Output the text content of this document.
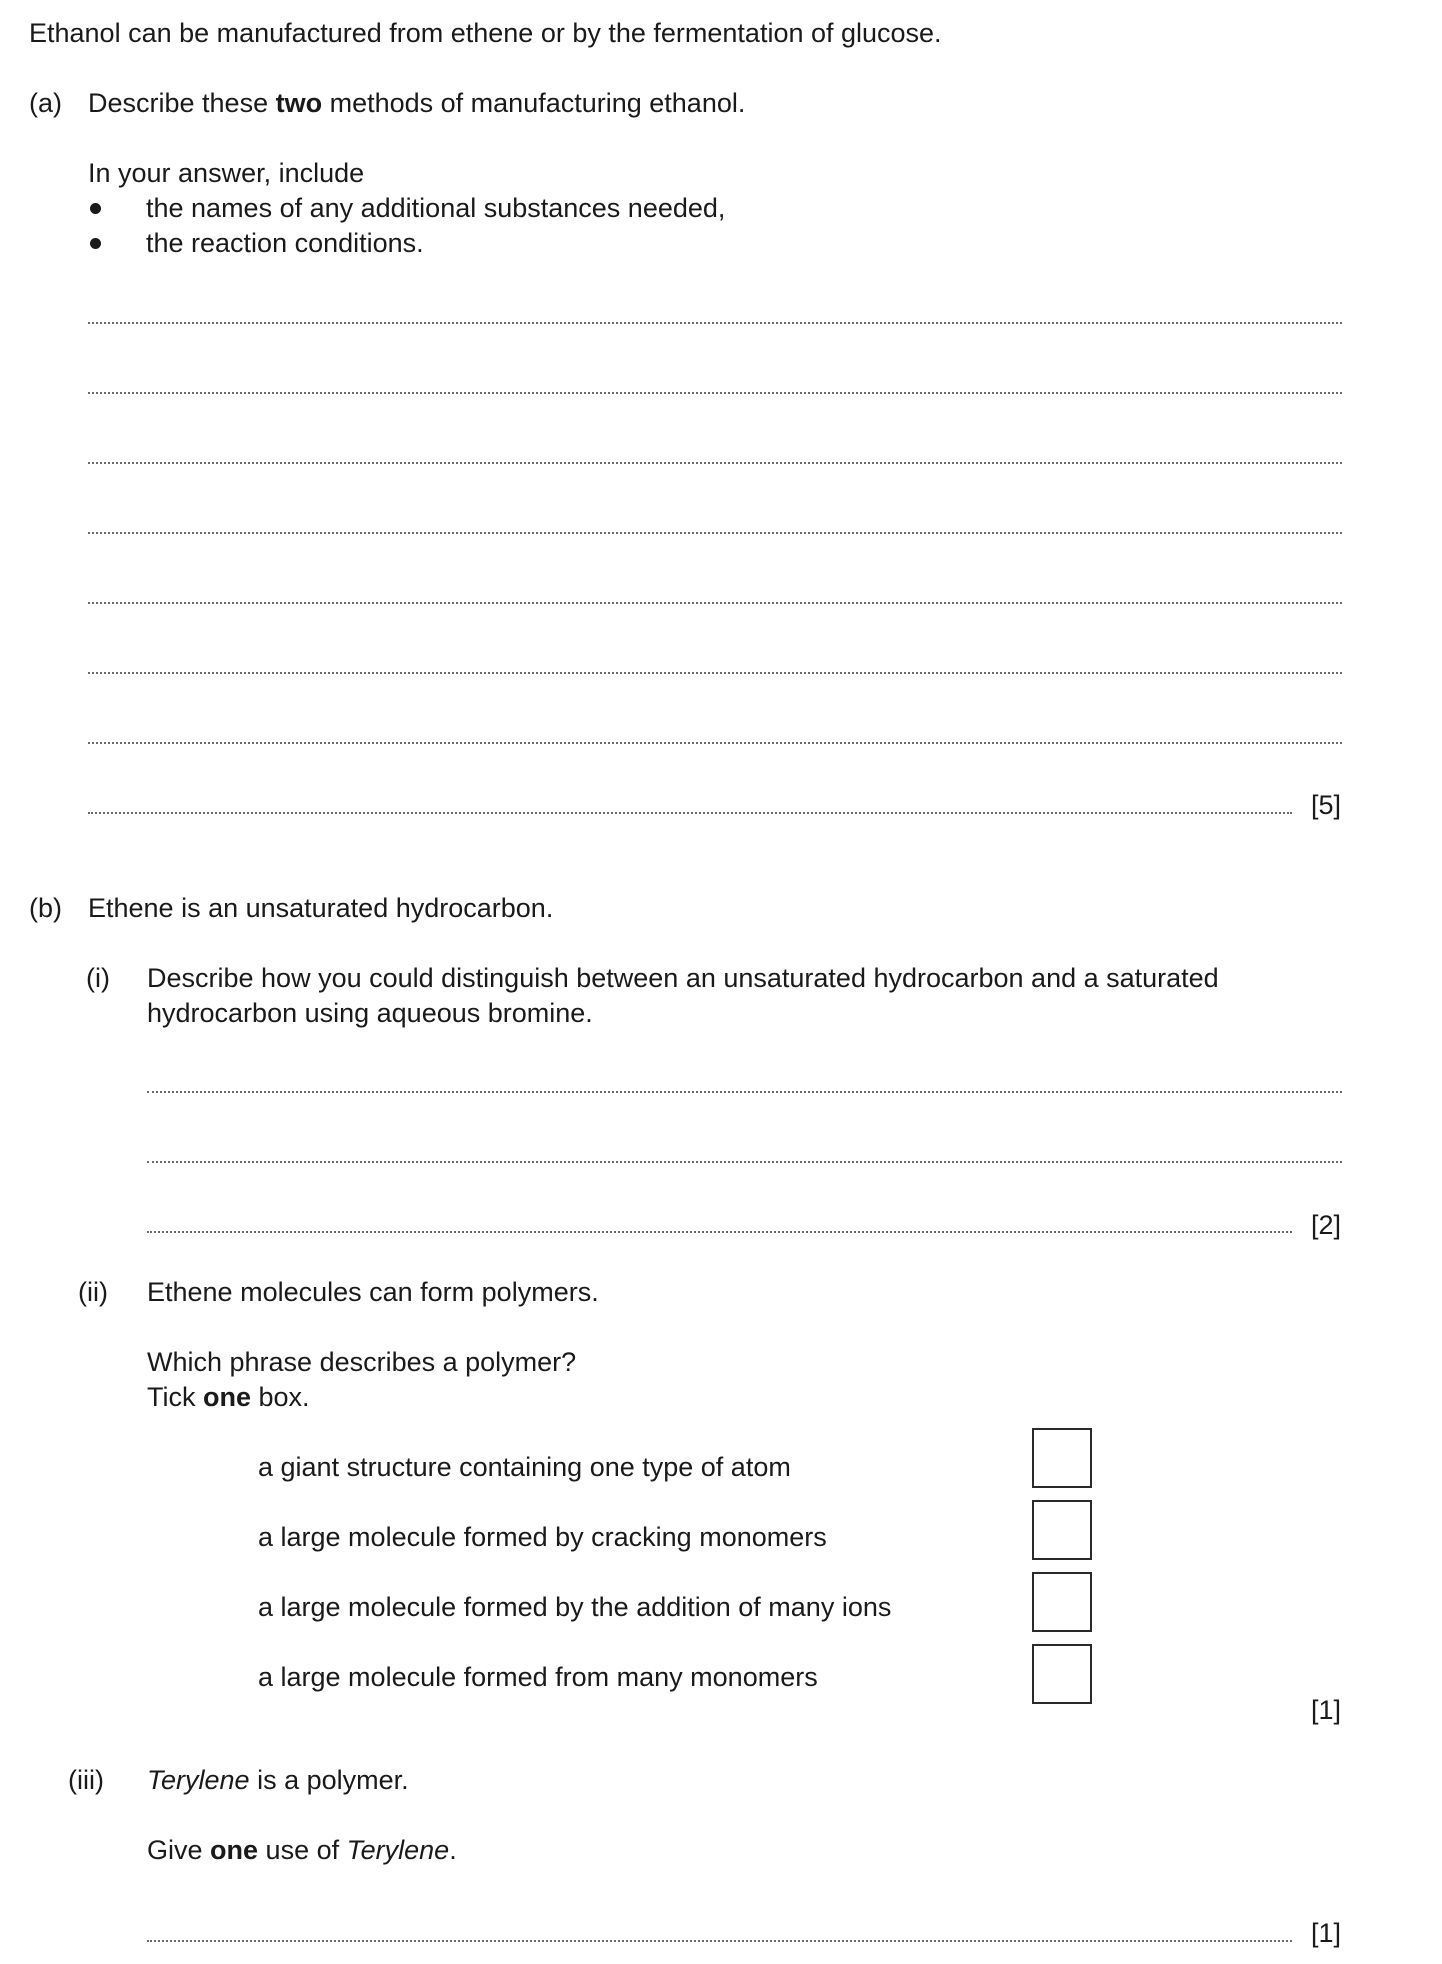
Ethanol can be manufactured from ethene or by the fermentation of glucose.
(a) Describe these two methods of manufacturing ethanol.
In your answer, include
the names of any additional substances needed,
the reaction conditions.
[5]
(b) Ethene is an unsaturated hydrocarbon.
(i) Describe how you could distinguish between an unsaturated hydrocarbon and a saturated
hydrocarbon using aqueous bromine.
[2]
(ii) Ethene molecules can form polymers.
Which phrase describes a polymer?
Tick one box.
a giant structure containing one type of atom
a large molecule formed by cracking monomers
a large molecule formed by the addition of many ions
a large molecule formed from many monomers
[1]
(iii) Terylene is a polymer.
Give one use of Terylene.
[1]
